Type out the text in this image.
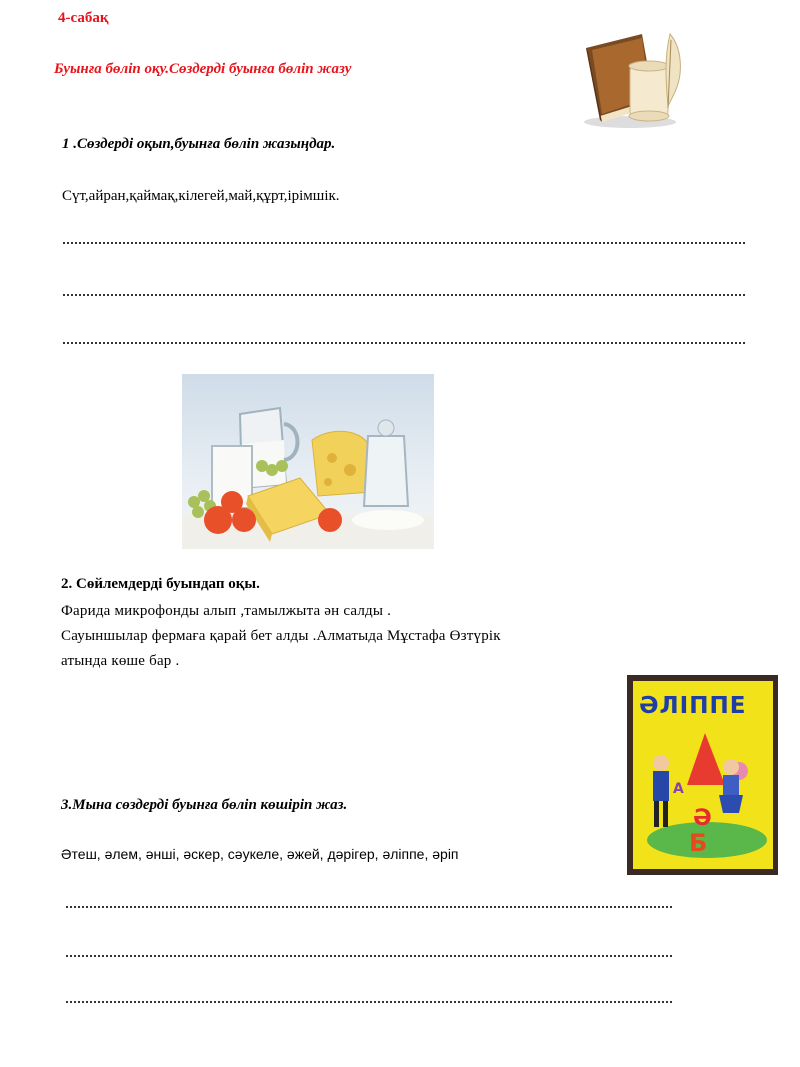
4-сабақ
Буынға бөліп оқу.Сөздерді буынға бөліп жазу
1 .Сөздерді оқып,буынға бөліп жазыңдар.
Сүт,айран,қаймақ,кілегей,май,құрт,ірімшік.
2. Сөйлемдерді буындап оқы.
Фарида микрофонды алып ,тамылжыта ән салды .
Сауыншылар фермаға қарай бет алды .Алматыда Мұстафа Өзтүрік
атында көше бар .
ӘЛІППЕ
Ә
Б
А
3.Мына сөздерді буынға бөліп көшіріп жаз.
Әтеш, әлем, әнші, әскер, сәукеле, әжей, дәрігер, әліппе, әріп
